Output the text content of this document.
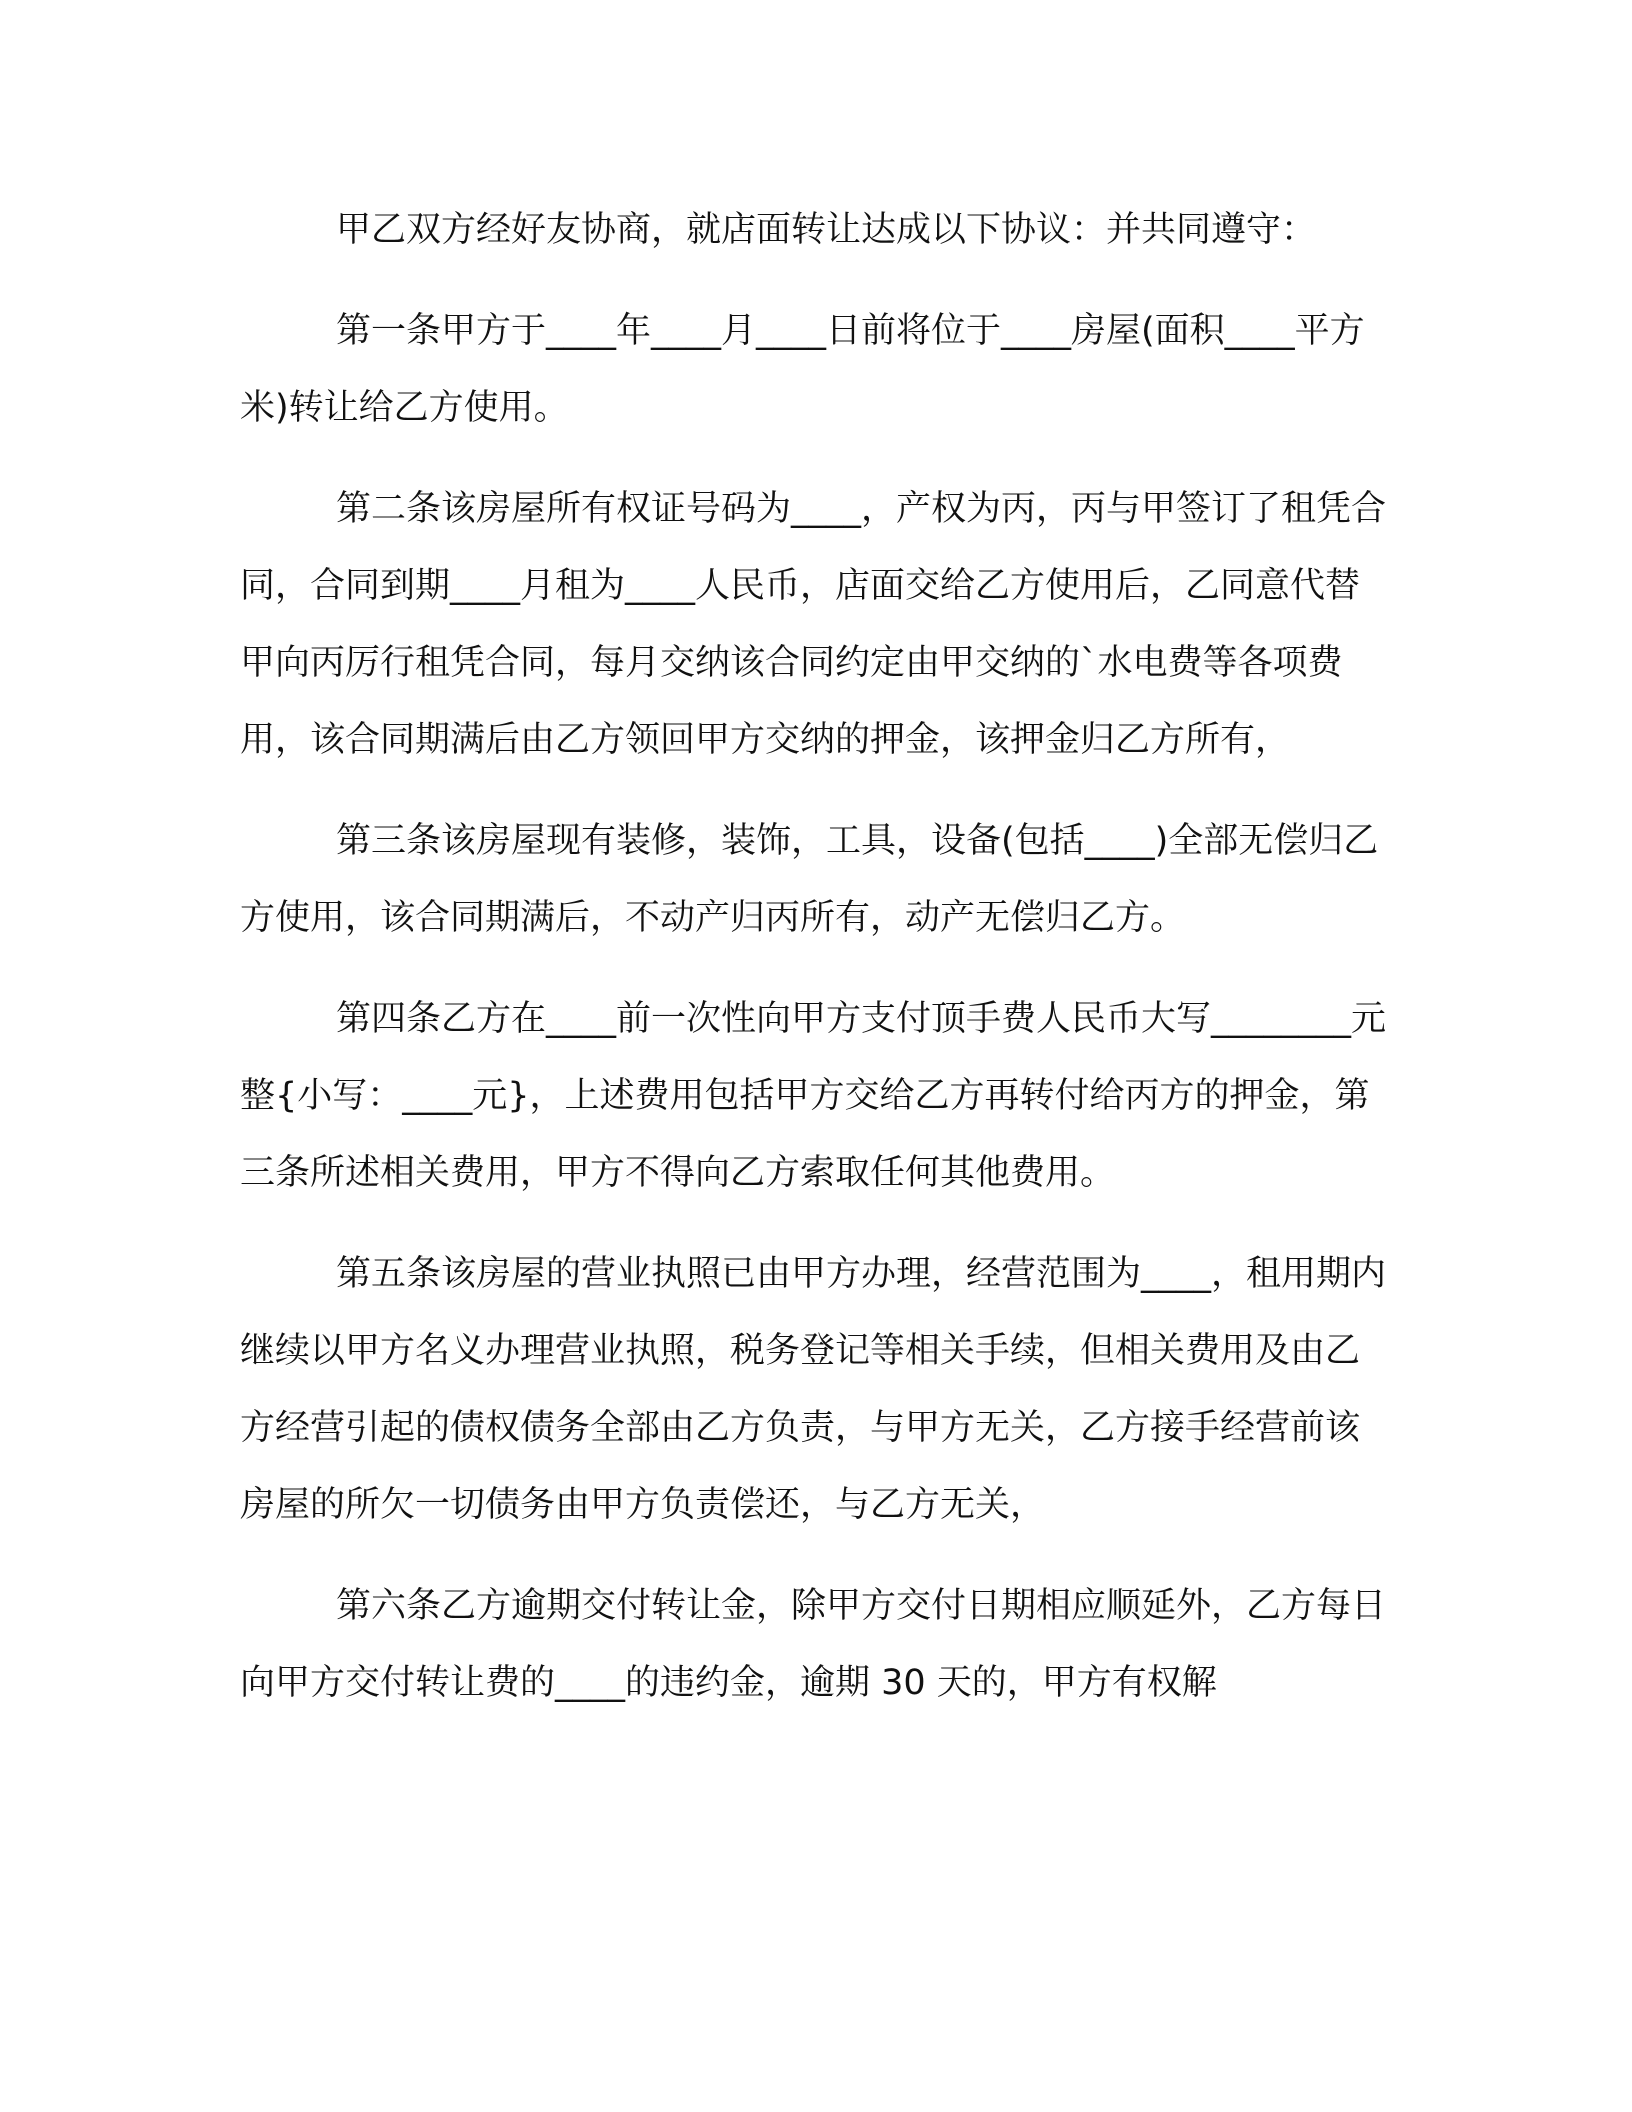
甲乙双方经好友协商，就店面转让达成以下协议：并共同遵守：

第一条甲方于____年____月____日前将位于____房屋(面积____平方米)转让给乙方使用。

第二条该房屋所有权证号码为____，产权为丙，丙与甲签订了租凭合同，合同到期____月租为____人民币，店面交给乙方使用后，乙同意代替甲向丙厉行租凭合同，每月交纳该合同约定由甲交纳的`水电费等各项费用，该合同期满后由乙方领回甲方交纳的押金，该押金归乙方所有，

第三条该房屋现有装修，装饰，工具，设备(包括____)全部无偿归乙方使用，该合同期满后，不动产归丙所有，动产无偿归乙方。

第四条乙方在____前一次性向甲方支付顶手费人民币大写________元整{小写：____元}，上述费用包括甲方交给乙方再转付给丙方的押金，第三条所述相关费用，甲方不得向乙方索取任何其他费用。

第五条该房屋的营业执照已由甲方办理，经营范围为____，租用期内继续以甲方名义办理营业执照，税务登记等相关手续，但相关费用及由乙方经营引起的债权债务全部由乙方负责，与甲方无关，乙方接手经营前该房屋的所欠一切债务由甲方负责偿还，与乙方无关，

第六条乙方逾期交付转让金，除甲方交付日期相应顺延外，乙方每日向甲方交付转让费的____的违约金，逾期 30 天的，甲方有权解
